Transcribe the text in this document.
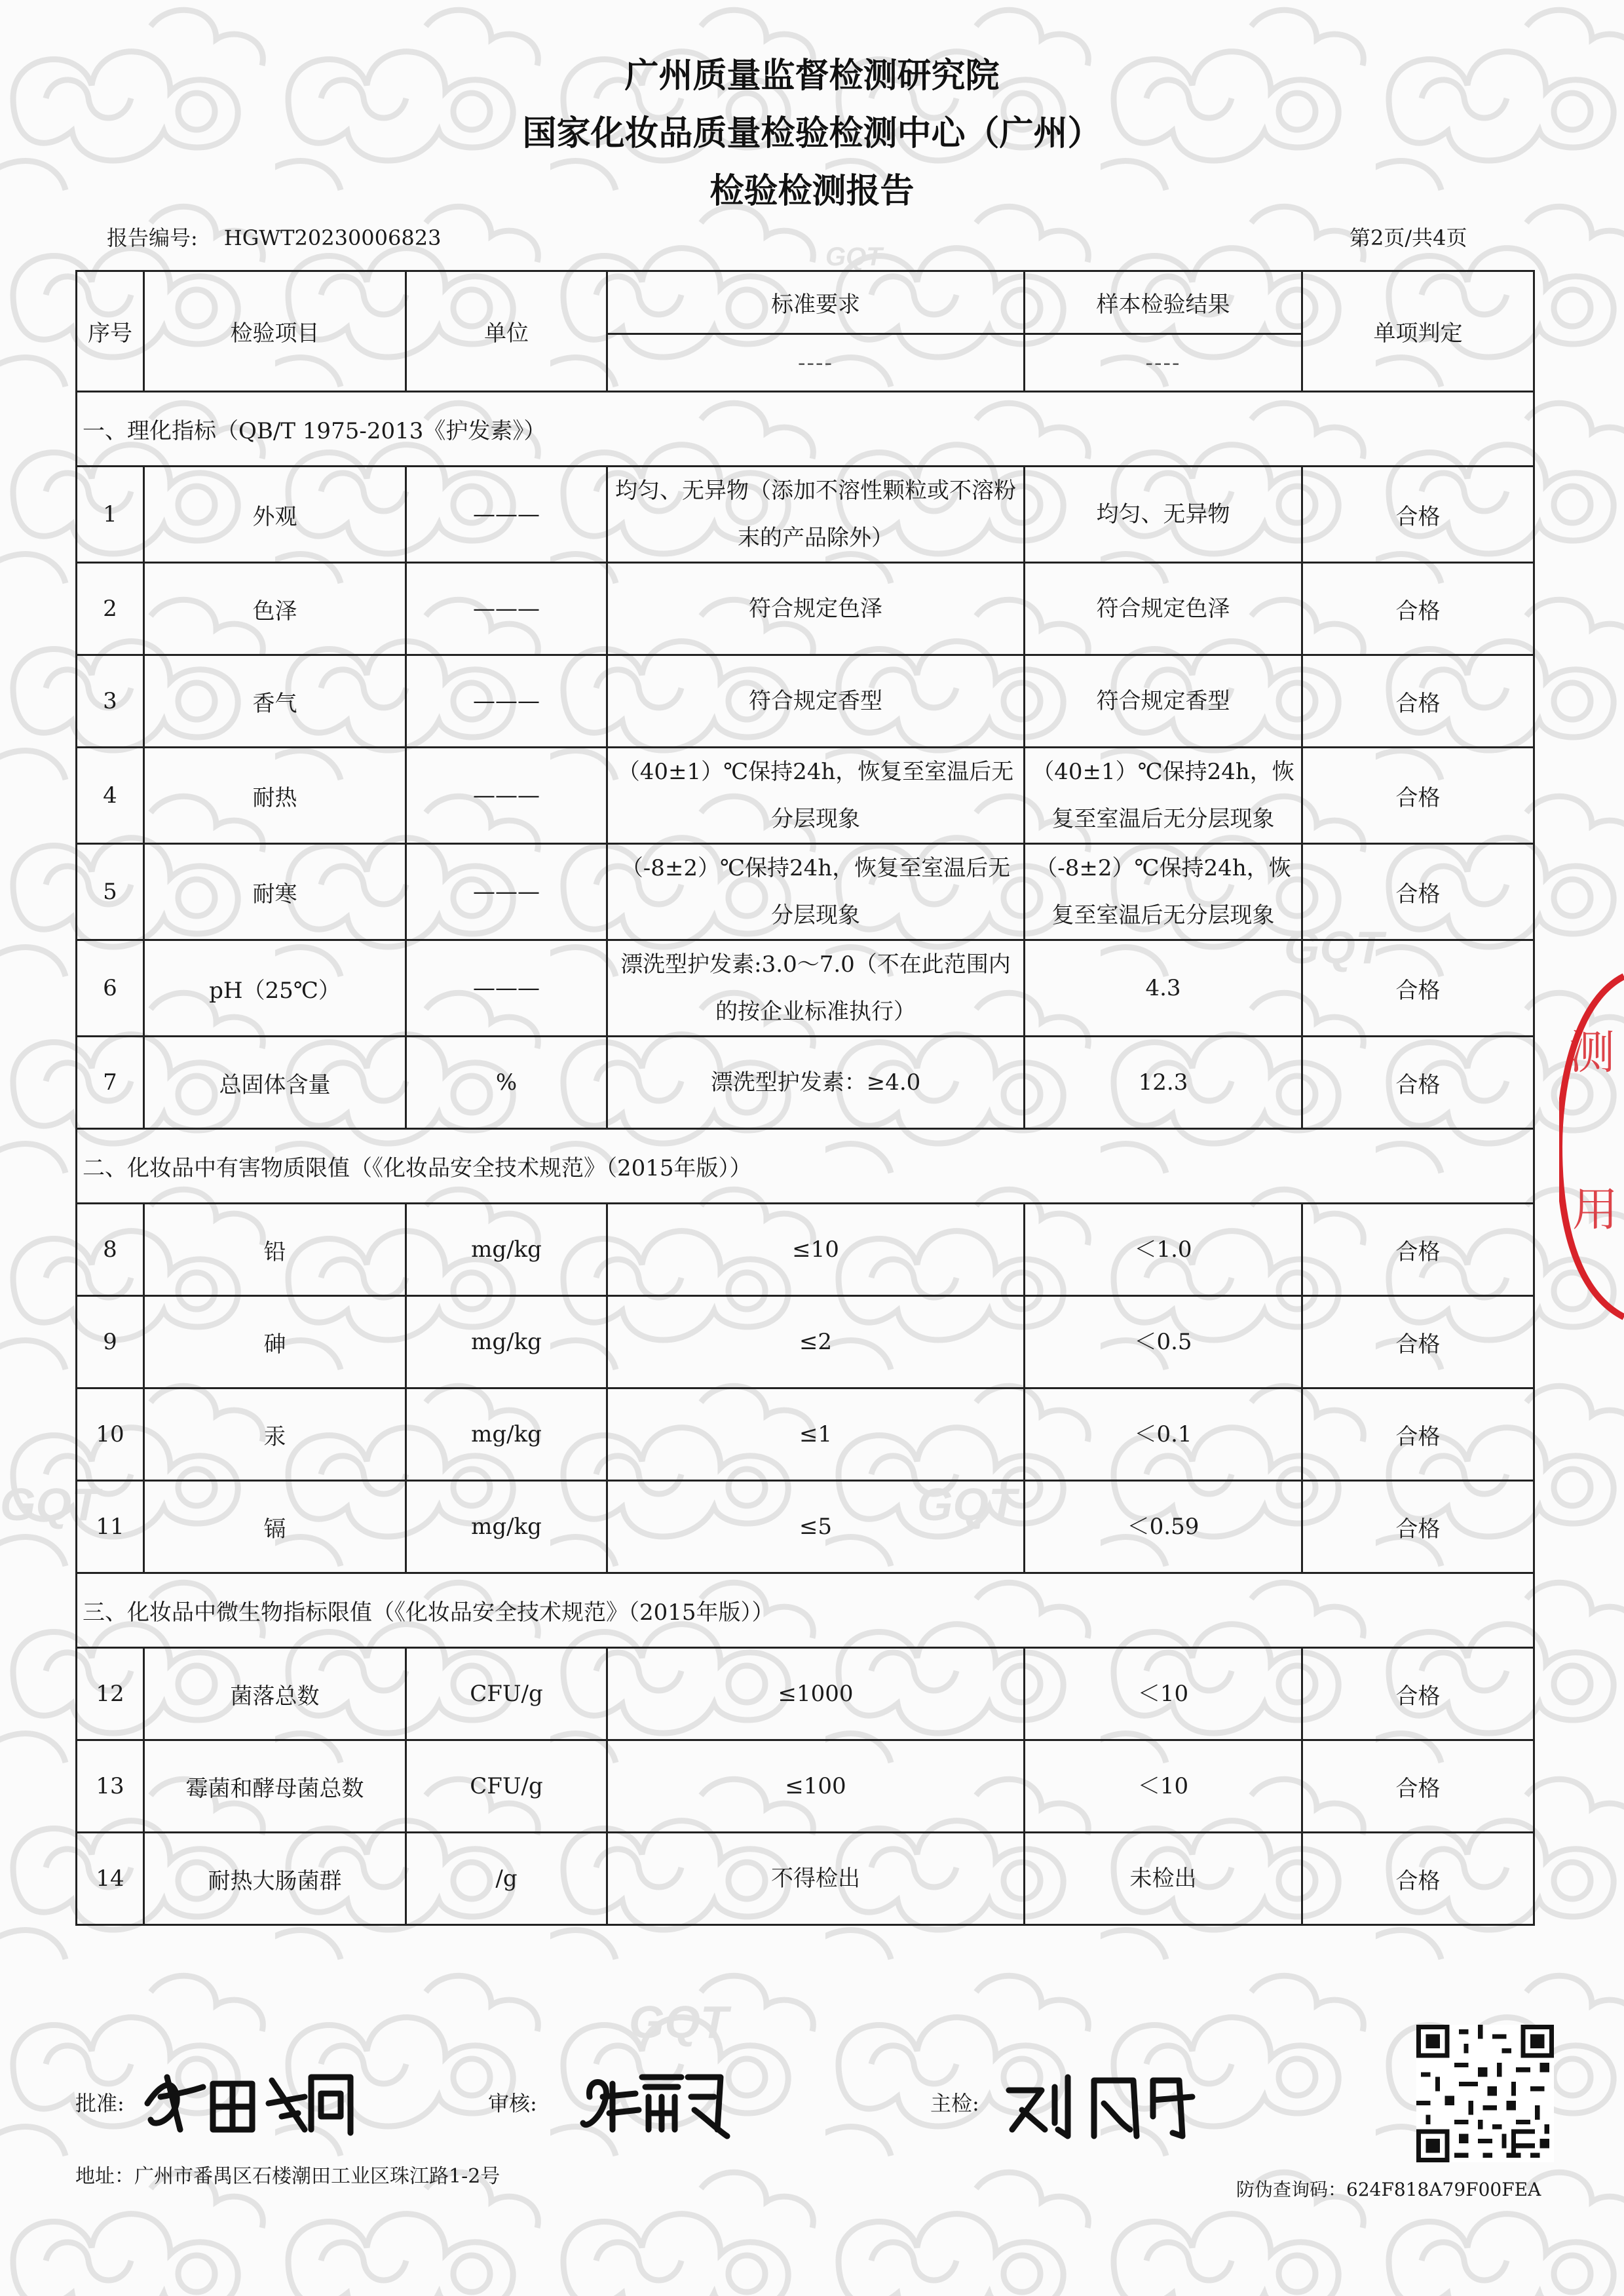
GQT
GQT
GQT
GQT
GQT
广州质量监督检测研究院
国家化妆品质量检验检测中心（广州）
检验检测报告
报告编号: HGWT20230006823	第2页/共4页
序号	检验项目	单位	标准要求	样本检验结果	单项判定
			----	----	
一、理化指标（QB/T 1975-2013《护发素》）					
1	外观	———	均匀、无异物（添加不溶性颗粒或不溶粉末的产品除外）	均匀、无异物	合格
2	色泽	———	符合规定色泽	符合规定色泽	合格
3	香气	———	符合规定香型	符合规定香型	合格
4	耐热	———	（40±1）℃保持24h，恢复至室温后无分层现象	（40±1）℃保持24h，恢复至室温后无分层现象	合格
5	耐寒	———	（-8±2）℃保持24h，恢复至室温后无分层现象	（-8±2）℃保持24h，恢复至室温后无分层现象	合格
6	pH（25℃）	———	漂洗型护发素:3.0～7.0（不在此范围内的按企业标准执行）	4.3	合格
7	总固体含量	%	漂洗型护发素：≥4.0	12.3	合格
二、化妆品中有害物质限值（《化妆品安全技术规范》（2015年版））					
8	铅	mg/kg	≤10	＜1.0	合格
9	砷	mg/kg	≤2	＜0.5	合格
10	汞	mg/kg	≤1	＜0.1	合格
11	镉	mg/kg	≤5	＜0.59	合格
三、化妆品中微生物指标限值（《化妆品安全技术规范》（2015年版））					
12	菌落总数	CFU/g	≤1000	＜10	合格
13	霉菌和酵母菌总数	CFU/g	≤100	＜10	合格
14	耐热大肠菌群	/g	不得检出	未检出	合格
批准:	审核:	主检:
地址：广州市番禺区石楼潮田工业区珠江路1-2号
防伪查询码：624F818A79F00FEA
测
用
